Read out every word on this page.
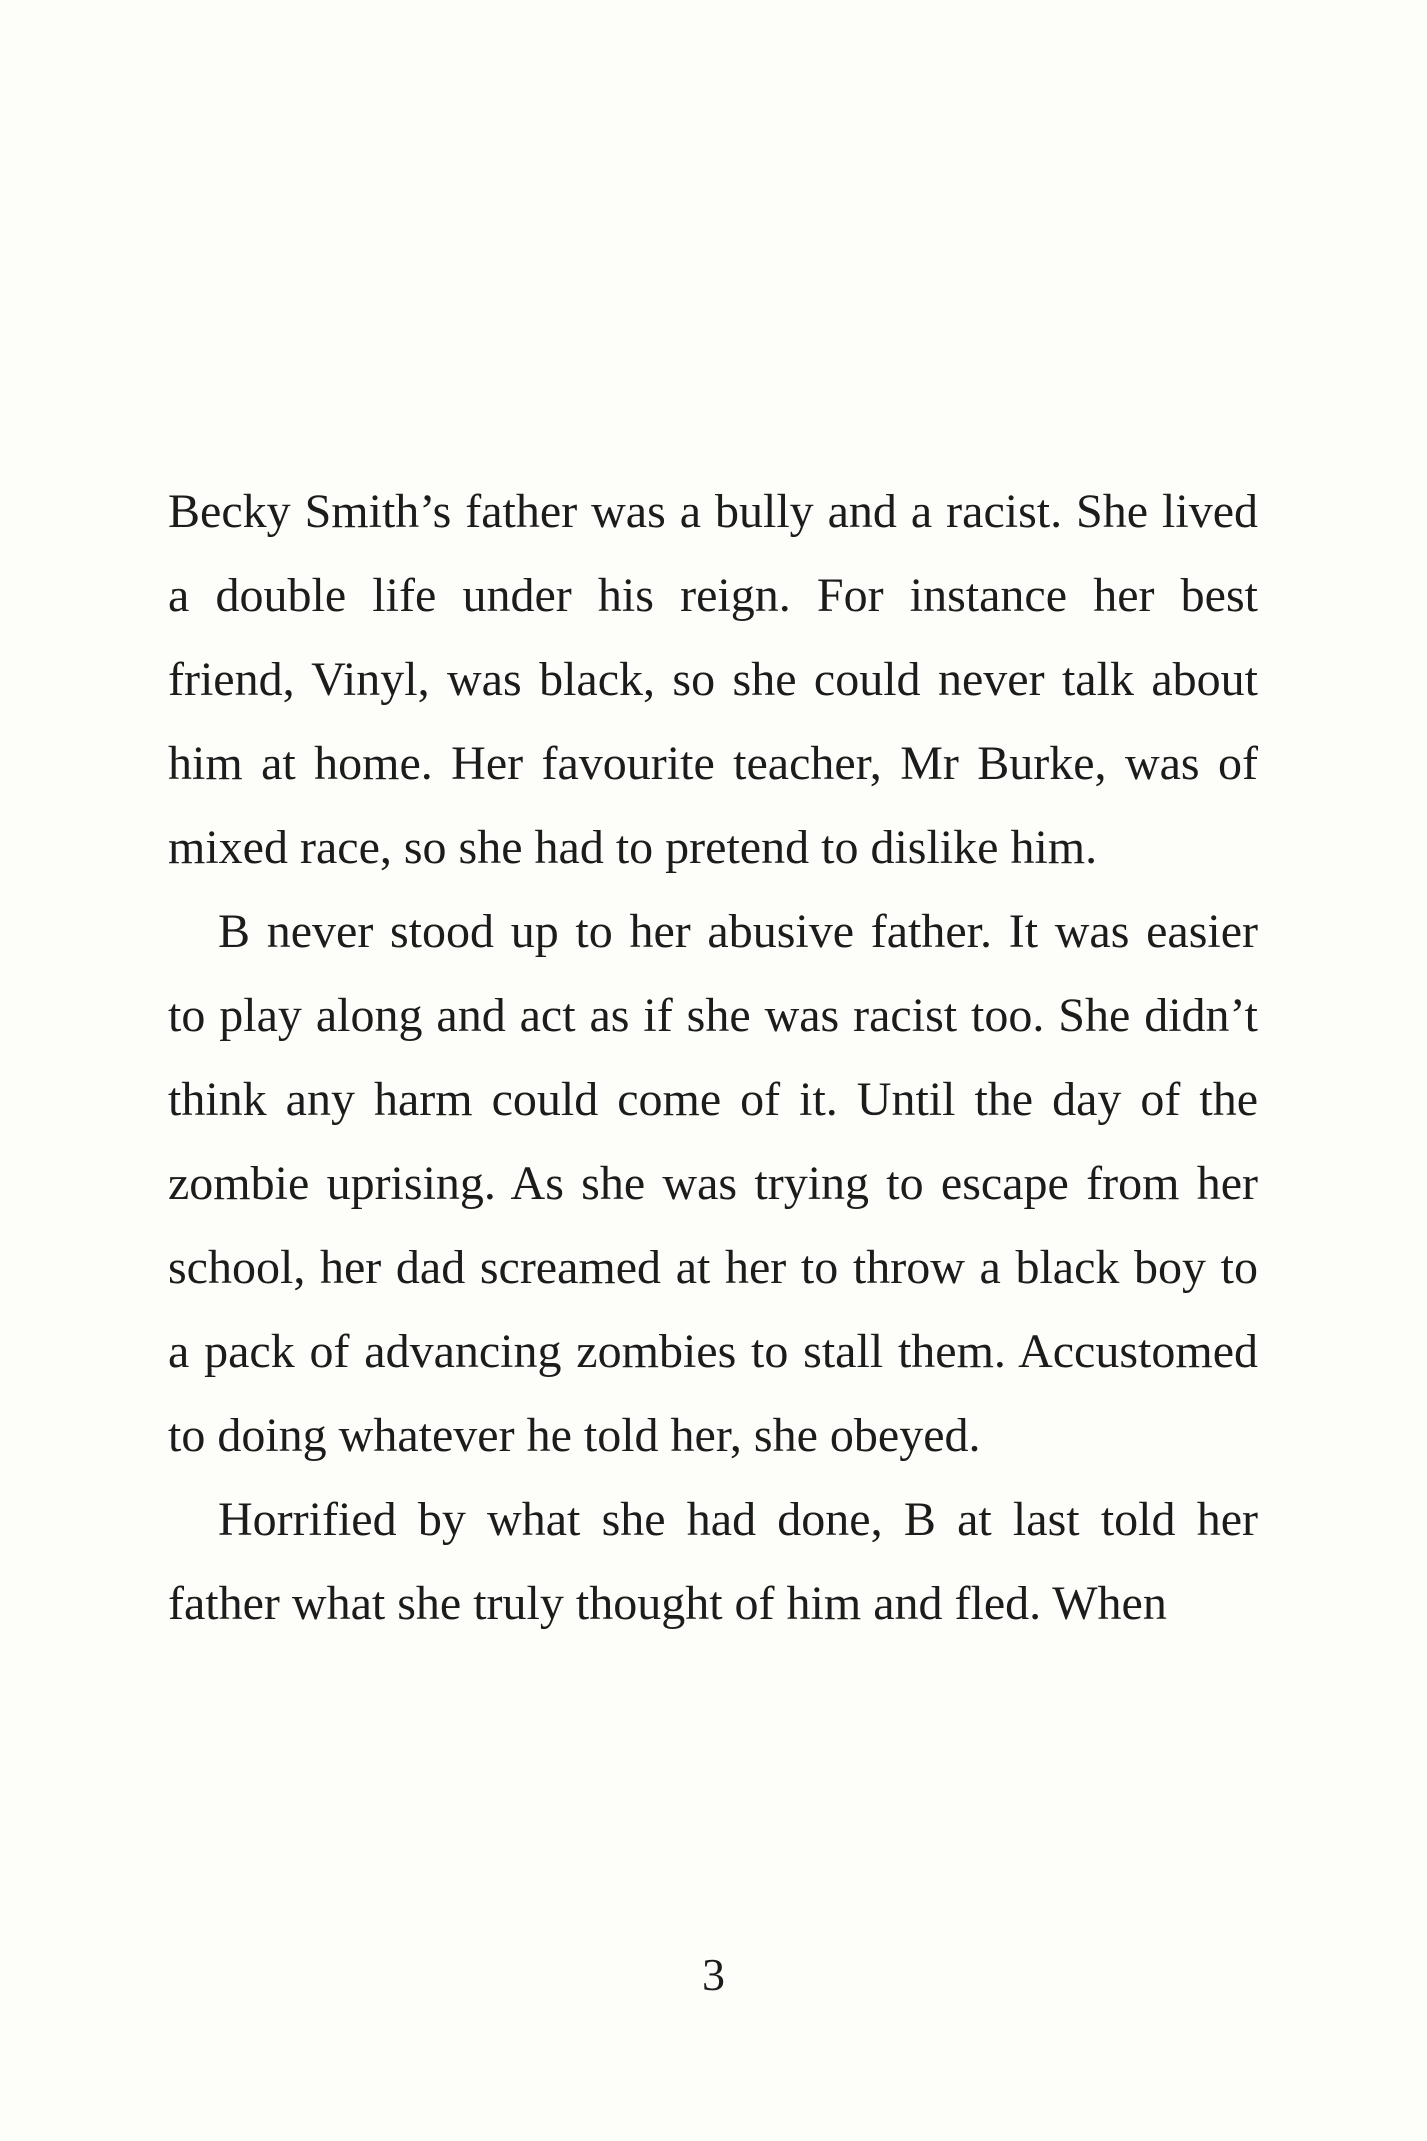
Becky Smith’s father was a bully and a racist. She lived a double life under his reign. For instance her best friend, Vinyl, was black, so she could never talk about him at home. Her favourite teacher, Mr Burke, was of mixed race, so she had to pretend to dislike him.

B never stood up to her abusive father. It was easier to play along and act as if she was racist too. She didn’t think any harm could come of it. Until the day of the zombie uprising. As she was trying to escape from her school, her dad screamed at her to throw a black boy to a pack of advancing zombies to stall them. Accustomed to doing whatever he told her, she obeyed.

Horrified by what she had done, B at last told her father what she truly thought of him and fled. When

3
